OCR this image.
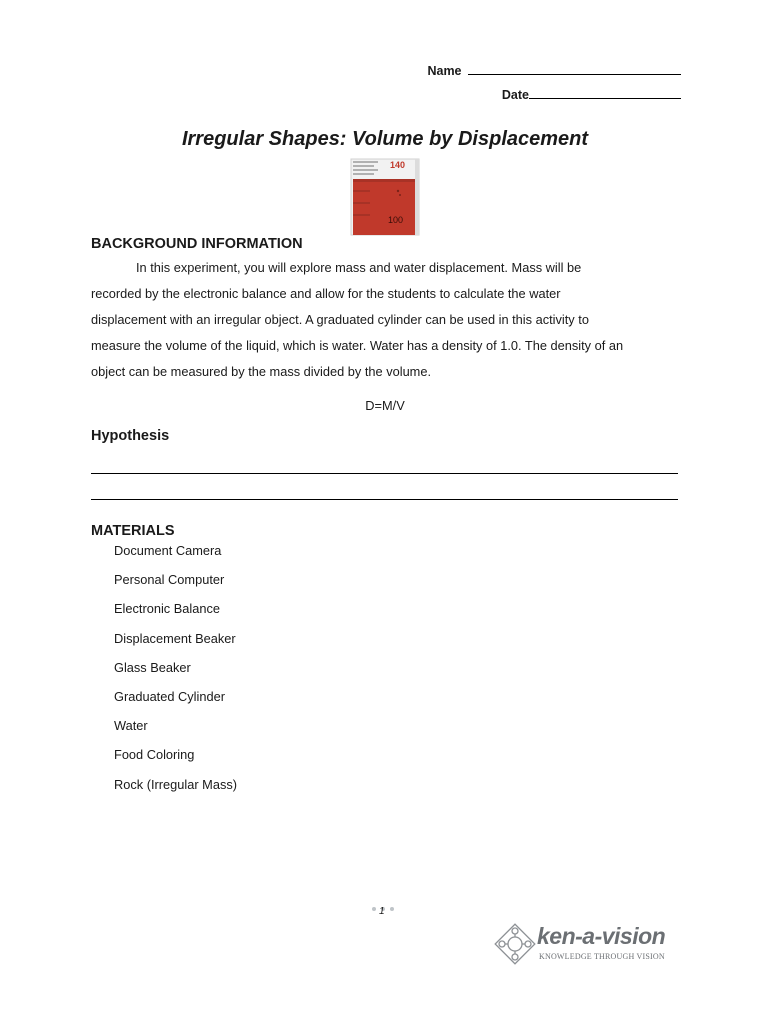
Name
Date
Irregular Shapes: Volume by Displacement
140
100
BACKGROUND INFORMATION
In this experiment, you will explore mass and water displacement. Mass will be
recorded by the electronic balance and allow for the students to calculate the water
displacement with an irregular object. A graduated cylinder can be used in this activity to
measure the volume of the liquid, which is water. Water has a density of 1.0. The density of an
object can be measured by the mass divided by the volume.
D=M/V
Hypothesis
MATERIALS
Document Camera
Personal Computer
Electronic Balance
Displacement Beaker
Glass Beaker
Graduated Cylinder
Water
Food Coloring
Rock (Irregular Mass)
1
ken-a-vision
KNOWLEDGE THROUGH VISION
